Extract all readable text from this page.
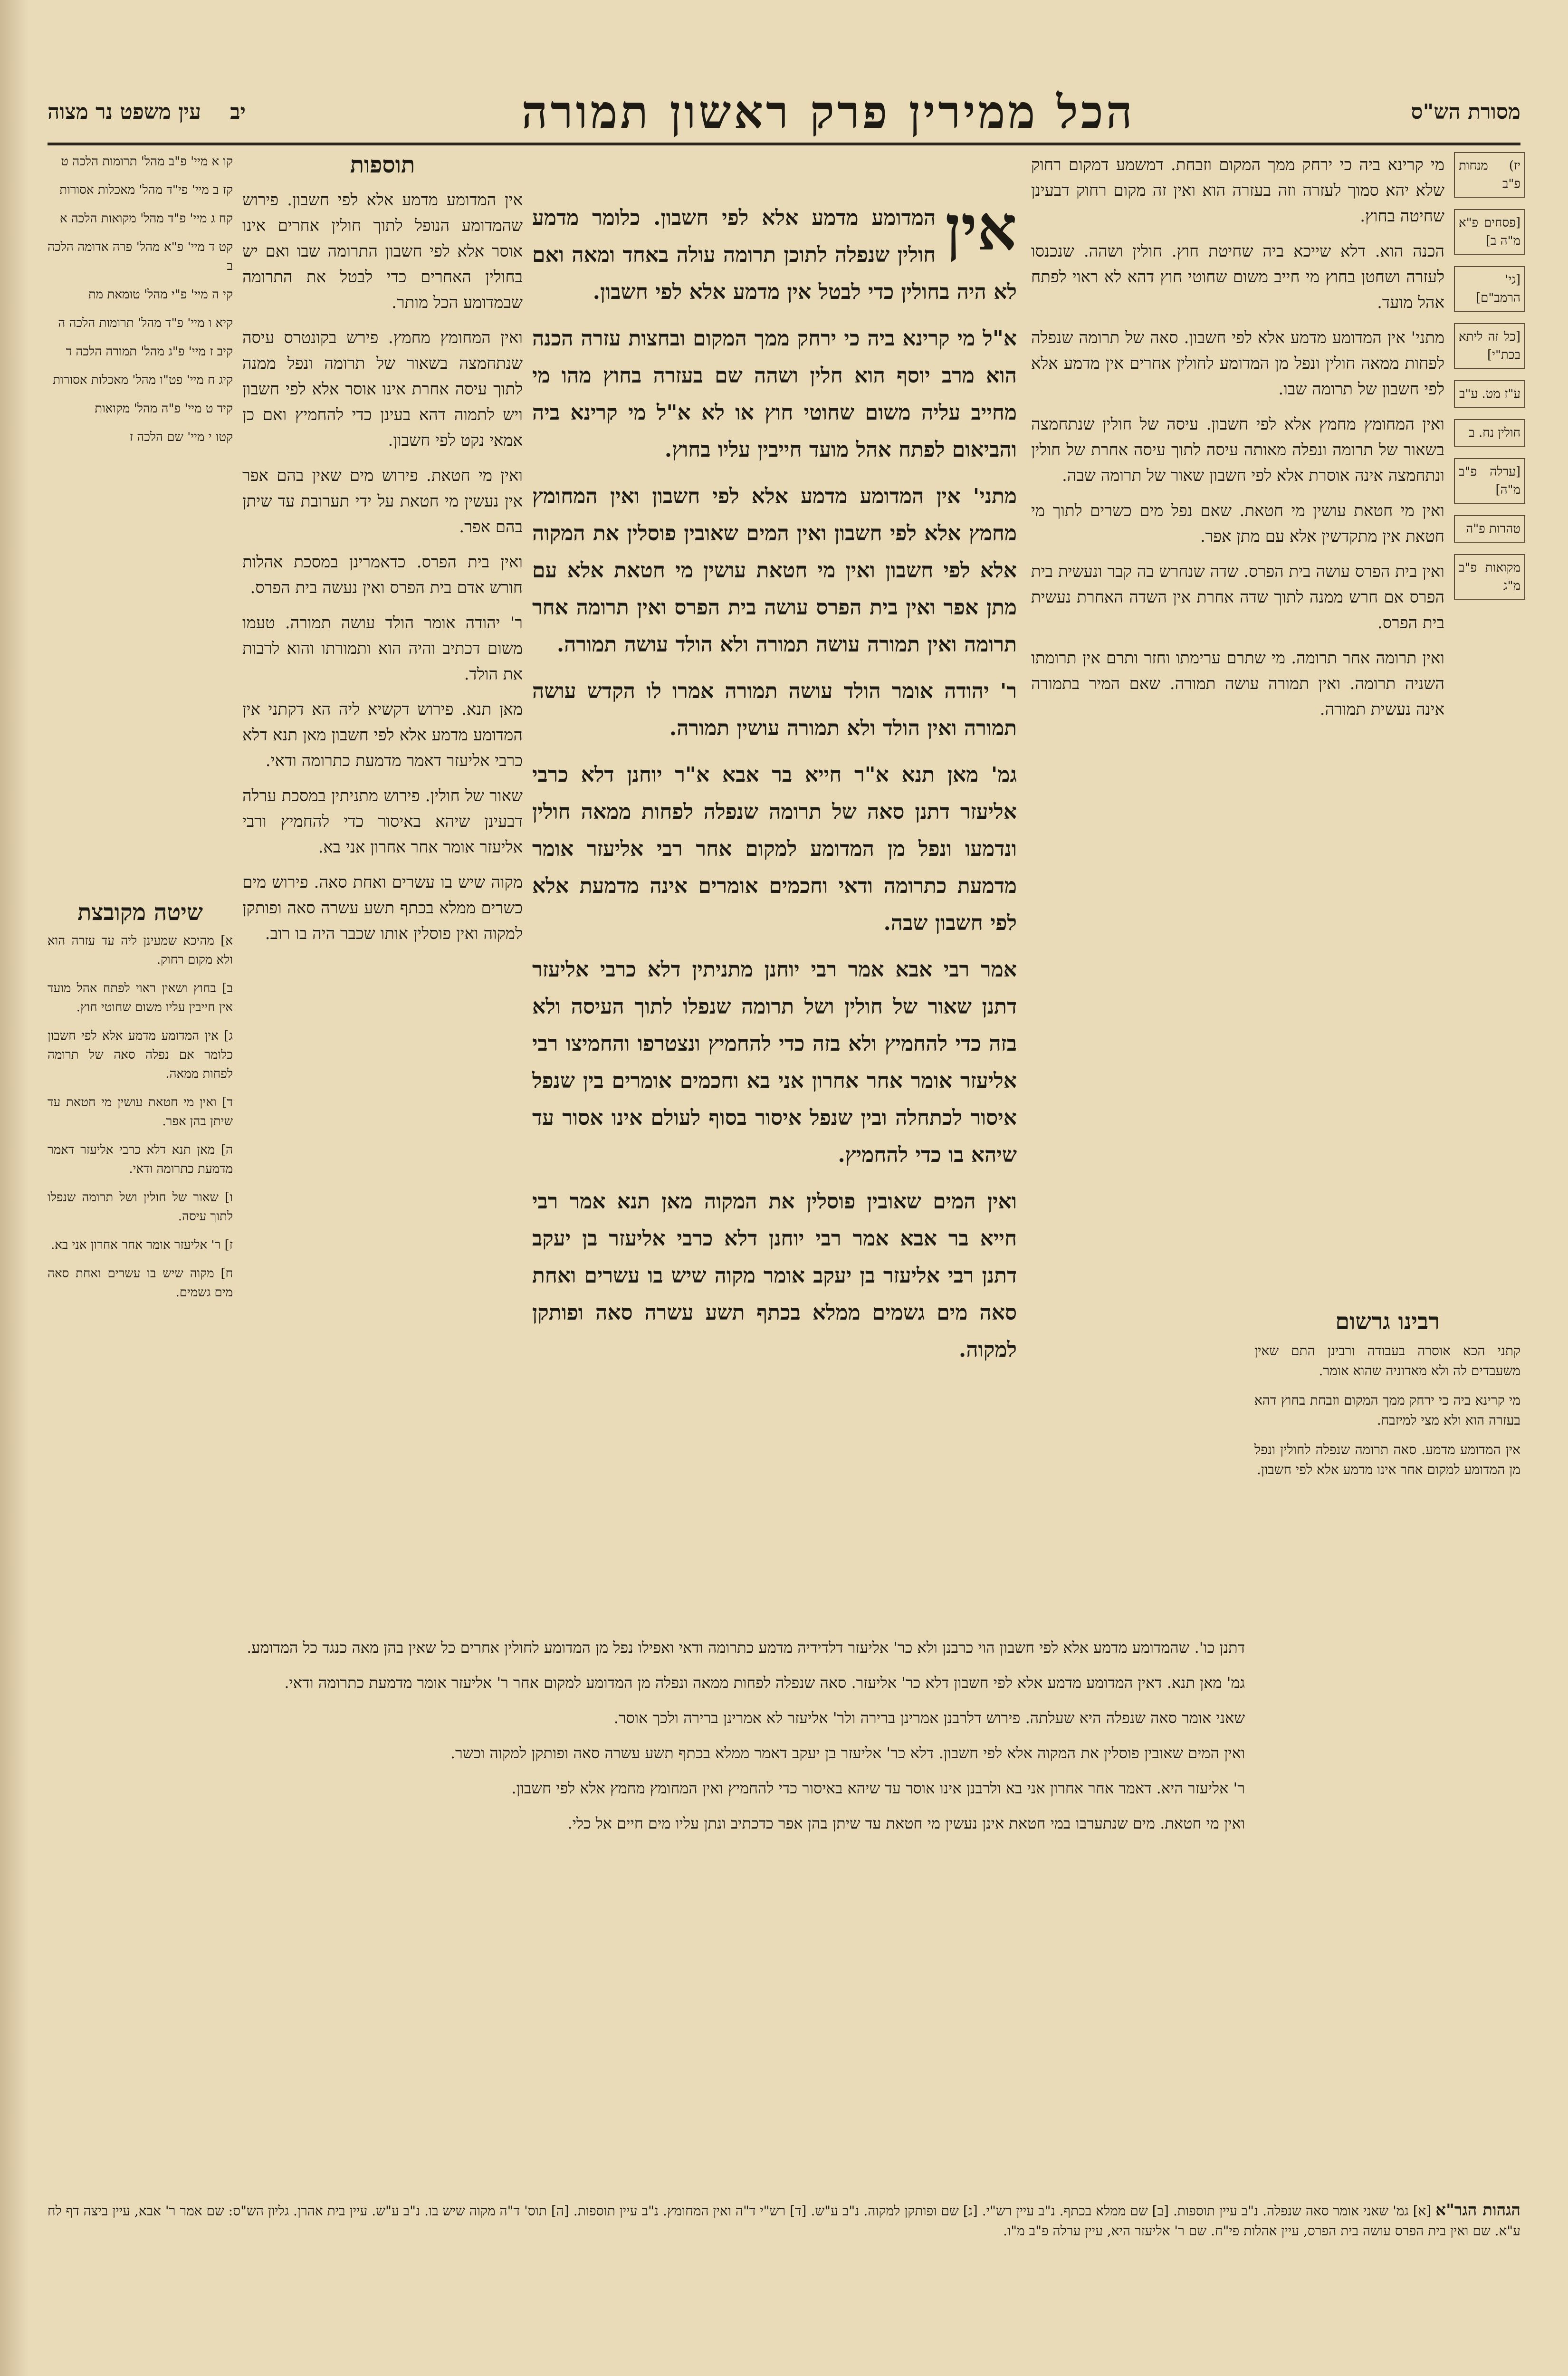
מסורת הש"ס
הכל ממירין פרק ראשון תמורה
יב    עין משפט נר מצוה
יז) מנחות פ"ב
[פסחים פ"א מ"ה ב]
[גי' הרמב"ם]
[כל זה ליתא בכת"י]
ע"ז מט. ע"ב
חולין נח. ב
[ערלה פ"ב מ"ה]
טהרות פ"ה
מקואות פ"ב מ"ג

מי קרינא ביה כי ירחק ממך המקום וזבחת. דמשמע דמקום רחוק שלא יהא סמוך לעזרה וזה בעזרה הוא ואין זה מקום רחוק דבעינן שחיטה בחוץ.

הכנה הוא. דלא שייכא ביה שחיטת חוץ. חולין ושהה. שנכנסו לעזרה ושחטן בחוץ מי חייב משום שחוטי חוץ דהא לא ראוי לפתח אהל מועד.

מתני' אין המדומע מדמע אלא לפי חשבון. סאה של תרומה שנפלה לפחות ממאה חולין ונפל מן המדומע לחולין אחרים אין מדמע אלא לפי חשבון של תרומה שבו.

ואין המחומץ מחמץ אלא לפי חשבון. עיסה של חולין שנתחמצה בשאור של תרומה ונפלה מאותה עיסה לתוך עיסה אחרת של חולין ונתחמצה אינה אוסרת אלא לפי חשבון שאור של תרומה שבה.

ואין מי חטאת עושין מי חטאת. שאם נפל מים כשרים לתוך מי חטאת אין מתקדשין אלא עם מתן אפר.

ואין בית הפרס עושה בית הפרס. שדה שנחרש בה קבר ונעשית בית הפרס אם חרש ממנה לתוך שדה אחרת אין השדה האחרת נעשית בית הפרס.

ואין תרומה אחר תרומה. מי שתרם ערימתו וחזר ותרם אין תרומתו השניה תרומה. ואין תמורה עושה תמורה. שאם המיר בתמורה אינה נעשית תמורה.

אין

המדומע מדמע אלא לפי חשבון. כלומר מדמע חולין שנפלה לתוכן תרומה עולה באחד ומאה ואם לא היה בחולין כדי לבטל אין מדמע אלא לפי חשבון.

א"ל מי קרינא ביה כי ירחק ממך המקום ובחצות עזרה הכנה הוא מרב יוסף הוא חלין ושהה שם בעזרה בחוץ מהו מי מחייב עליה משום שחוטי חוץ או לא א"ל מי קרינא ביה והביאום לפתח אהל מועד חייבין עליו בחוץ.

מתני' אין המדומע מדמע אלא לפי חשבון ואין המחומץ מחמץ אלא לפי חשבון ואין המים שאובין פוסלין את המקוה אלא לפי חשבון ואין מי חטאת עושין מי חטאת אלא עם מתן אפר ואין בית הפרס עושה בית הפרס ואין תרומה אחר תרומה ואין תמורה עושה תמורה ולא הולד עושה תמורה.

ר' יהודה אומר הולד עושה תמורה אמרו לו הקדש עושה תמורה ואין הולד ולא תמורה עושין תמורה.

גמ' מאן תנא א"ר חייא בר אבא א"ר יוחנן דלא כרבי אליעזר דתנן סאה של תרומה שנפלה לפחות ממאה חולין ונדמעו ונפל מן המדומע למקום אחר רבי אליעזר אומר מדמעת כתרומה ודאי וחכמים אומרים אינה מדמעת אלא לפי חשבון שבה.

אמר רבי אבא אמר רבי יוחנן מתניתין דלא כרבי אליעזר דתנן שאור של חולין ושל תרומה שנפלו לתוך העיסה ולא בזה כדי להחמיץ ולא בזה כדי להחמיץ ונצטרפו והחמיצו רבי אליעזר אומר אחר אחרון אני בא וחכמים אומרים בין שנפל איסור לכתחלה ובין שנפל איסור בסוף לעולם אינו אסור עד שיהא בו כדי להחמיץ.

ואין המים שאובין פוסלין את המקוה מאן תנא אמר רבי חייא בר אבא אמר רבי יוחנן דלא כרבי אליעזר בן יעקב דתנן רבי אליעזר בן יעקב אומר מקוה שיש בו עשרים ואחת סאה מים גשמים ממלא בכתף תשע עשרה סאה ופותקן למקוה.

תוספות

אין המדומע מדמע אלא לפי חשבון. פירוש שהמדומע הנופל לתוך חולין אחרים אינו אוסר אלא לפי חשבון התרומה שבו ואם יש בחולין האחרים כדי לבטל את התרומה שבמדומע הכל מותר.

ואין המחומץ מחמץ. פירש בקונטרס עיסה שנתחמצה בשאור של תרומה ונפל ממנה לתוך עיסה אחרת אינו אוסר אלא לפי חשבון ויש לתמוה דהא בעינן כדי להחמיץ ואם כן אמאי נקט לפי חשבון.

ואין מי חטאת. פירוש מים שאין בהם אפר אין נעשין מי חטאת על ידי תערובת עד שיתן בהם אפר.

ואין בית הפרס. כדאמרינן במסכת אהלות חורש אדם בית הפרס ואין נעשה בית הפרס.

ר' יהודה אומר הולד עושה תמורה. טעמו משום דכתיב והיה הוא ותמורתו והוא לרבות את הולד.

מאן תנא. פירוש דקשיא ליה הא דקתני אין המדומע מדמע אלא לפי חשבון מאן תנא דלא כרבי אליעזר דאמר מדמעת כתרומה ודאי.

שאור של חולין. פירוש מתניתין במסכת ערלה דבעינן שיהא באיסור כדי להחמיץ ורבי אליעזר אומר אחר אחרון אני בא.

מקוה שיש בו עשרים ואחת סאה. פירוש מים כשרים ממלא בכתף תשע עשרה סאה ופותקן למקוה ואין פוסלין אותו שכבר היה בו רוב.

קו א מיי' פ"ב מהל' תרומות הלכה ט

קז ב מיי' פי"ד מהל' מאכלות אסורות

קח ג מיי' פ"ד מהל' מקואות הלכה א

קט ד מיי' פ"א מהל' פרה אדומה הלכה ב

קי ה מיי' פ"י מהל' טומאת מת

קיא ו מיי' פ"ד מהל' תרומות הלכה ה

קיב ז מיי' פ"ג מהל' תמורה הלכה ד

קיג ח מיי' פט"ו מהל' מאכלות אסורות

קיד ט מיי' פ"ה מהל' מקואות

קטו י מיי' שם הלכה ז

שיטה מקובצת

א] מהיכא שמעינן ליה עד עזרה הוא ולא מקום רחוק.

ב] בחוץ ושאין ראוי לפתח אהל מועד אין חייבין עליו משום שחוטי חוץ.

ג] אין המדומע מדמע אלא לפי חשבון כלומר אם נפלה סאה של תרומה לפחות ממאה.

ד] ואין מי חטאת עושין מי חטאת עד שיתן בהן אפר.

ה] מאן תנא דלא כרבי אליעזר דאמר מדמעת כתרומה ודאי.

ו] שאור של חולין ושל תרומה שנפלו לתוך עיסה.

ז] ר' אליעזר אומר אחר אחרון אני בא.

ח] מקוה שיש בו עשרים ואחת סאה מים גשמים.

רבינו גרשום

קתני הכא אוסרה בעבודה ורבינן התם שאין משעבדים לה ולא מאדוניה שהוא אומר.

מי קרינא ביה כי ירחק ממך המקום וזבחת בחוץ דהא בעזרה הוא ולא מצי למיזבח.

אין המדומע מדמע. סאה תרומה שנפלה לחולין ונפל מן המדומע למקום אחר אינו מדמע אלא לפי חשבון.

דתנן כו'. שהמדומע מדמע אלא לפי חשבון הוי כרבנן ולא כר' אליעזר דלדידיה מדמע כתרומה ודאי ואפילו נפל מן המדומע לחולין אחרים כל שאין בהן מאה כנגד כל המדומע.

גמ' מאן תנא. דאין המדומע מדמע אלא לפי חשבון דלא כר' אליעזר. סאה שנפלה לפחות ממאה ונפלה מן המדומע למקום אחר ר' אליעזר אומר מדמעת כתרומה ודאי.

שאני אומר סאה שנפלה היא שעלתה. פירוש דלרבנן אמרינן ברירה ולר' אליעזר לא אמרינן ברירה ולכך אוסר.

ואין המים שאובין פוסלין את המקוה אלא לפי חשבון. דלא כר' אליעזר בן יעקב דאמר ממלא בכתף תשע עשרה סאה ופותקן למקוה וכשר.

ר' אליעזר היא. דאמר אחר אחרון אני בא ולרבנן אינו אוסר עד שיהא באיסור כדי להחמיץ ואין המחומץ מחמץ אלא לפי חשבון.

ואין מי חטאת. מים שנתערבו במי חטאת אינן נעשין מי חטאת עד שיתן בהן אפר כדכתיב ונתן עליו מים חיים אל כלי.

הגהות הגר"א [א] גמ' שאני אומר סאה שנפלה. נ"ב עיין תוספות. [ב] שם ממלא בכתף. נ"ב עיין רש"י. [ג] שם ופותקן למקוה. נ"ב ע"ש. [ד] רש"י ד"ה ואין המחומץ. נ"ב עיין תוספות. [ה] תוס' ד"ה מקוה שיש בו. נ"ב ע"ש. עיין בית אהרן. גליון הש"ס: שם אמר ר' אבא, עיין ביצה דף לח ע"א. שם ואין בית הפרס עושה בית הפרס, עיין אהלות פי"ח. שם ר' אליעזר היא, עיין ערלה פ"ב מ"ו.
